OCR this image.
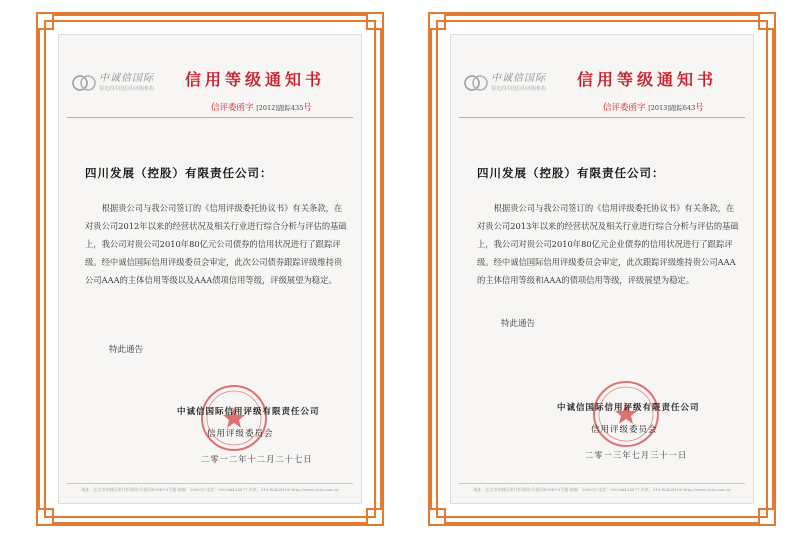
中诚信国际
领先的中国信用评级机构 信用等级通知书
信评委函字 [2012]跟踪435号
四川发展（控股）有限责任公司：
根据贵公司与我公司签订的《信用评级委托协议书》有关条款，在对贵公司2012年以来的经营状况及相关行业进行综合分析与评估的基础上，我公司对贵公司2010年80亿元公司债券的信用状况进行了跟踪评级。经中诚信国际信用评级委员会审定，此次公司债券跟踪评级维持贵公司AAA的主体信用等级以及AAA债项信用等级，评级展望为稳定。
特此通告
中诚信国际信用评级有限责任公司
信用评级委员会
二零一二年十二月二十七日
地址：北京市东城区南竹杆胡同2号银河SOHO 5号楼 邮编：100010 电话：010-66428877 传真：010-66426100 http://www.ccxi.com.cn
中诚信国际
领先的中国信用评级机构 信用等级通知书
信评委函字 [2013]跟踪643号
四川发展（控股）有限责任公司：
根据贵公司与我公司签订的《信用评级委托协议书》有关条款，在对贵公司2013年以来的经营状况及相关行业进行综合分析与评估的基础上，我公司对贵公司2010年80亿元企业债券的信用状况进行了跟踪评级。经中诚信国际信用评级委员会审定，此次跟踪评级维持贵公司AAA的主体信用等级和AAA的债项信用等级，评级展望为稳定。
特此通告
中诚信国际信用评级有限责任公司
信用评级委员会
二零一三年七月三十一日
地址：北京市东城区南竹杆胡同2号银河SOHO 5号楼 邮编：100010 电话：010-66428877 传真：010-66426100 http://www.ccxi.com.cn
